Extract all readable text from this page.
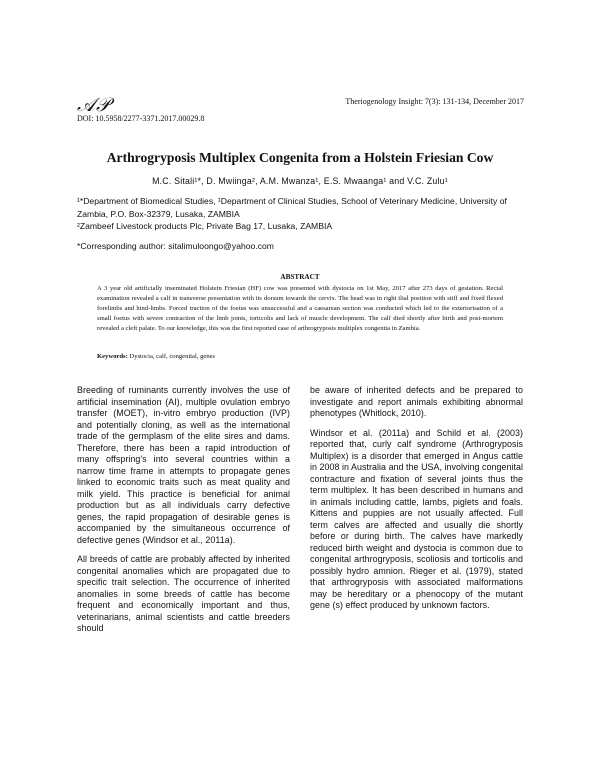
𝒜𝒫	Theriogenology Insight: 7(3): 131-134, December 2017
DOI: 10.5958/2277-3371.2017.00029.8
Arthrogryposis Multiplex Congenita from a Holstein Friesian Cow
M.C. Sitali¹*, D. Mwiinga², A.M. Mwanza¹, E.S. Mwaanga¹ and V.C. Zulu¹
¹*Department of Biomedical Studies, ¹Department of Clinical Studies, School of Veterinary Medicine, University of Zambia, P.O. Box-32379, Lusaka, ZAMBIA
²Zambeef Livestock products Plc, Private Bag 17, Lusaka, ZAMBIA
*Corresponding author: sitalimuloongo@yahoo.com
ABSTRACT
A 3 year old artificially inseminated Holstein Friesian (HF) cow was presented with dystocia on 1st May, 2017 after 273 days of gestation. Rectal examination revealed a calf in transverse presentation with its dorsum towards the cervix. The head was in right ilial position with stiff and fixed flexed forelimbs and hind-limbs. Forced traction of the foetus was unsuccessful and a caesarean section was conducted which led to the exteriorisation of a small foetus with severe contraction of the limb joints, torticolis and lack of muscle development. The calf died shortly after birth and post-mortem revealed a cleft palate. To our knowledge, this was the first reported case of arthrogryposis multiplex congenita in Zambia.
Keywords: Dystocia, calf, congenital, genes

Breeding of ruminants currently involves the use of artificial insemination (AI), multiple ovulation embryo transfer (MOET), in-vitro embryo production (IVP) and potentially cloning, as well as the international trade of the germplasm of the elite sires and dams. Therefore, there has been a rapid introduction of many offspring's into several countries within a narrow time frame in attempts to propagate genes linked to economic traits such as meat quality and milk yield. This practice is beneficial for animal production but as all individuals carry defective genes, the rapid propagation of desirable genes is accompanied by the simultaneous occurrence of defective genes (Windsor et al., 2011a).

All breeds of cattle are probably affected by inherited congenital anomalies which are propagated due to specific trait selection. The occurrence of inherited anomalies in some breeds of cattle has become frequent and economically important and thus, veterinarians, animal scientists and cattle breeders should

be aware of inherited defects and be prepared to investigate and report animals exhibiting abnormal phenotypes (Whitlock, 2010).

Windsor et al. (2011a) and Schild et al. (2003) reported that, curly calf syndrome (Arthrogryposis Multiplex) is a disorder that emerged in Angus cattle in 2008 in Australia and the USA, involving congenital contracture and fixation of several joints thus the term multiplex. It has been described in humans and in animals including cattle, lambs, piglets and foals. Kittens and puppies are not usually affected. Full term calves are affected and usually die shortly before or during birth. The calves have markedly reduced birth weight and dystocia is common due to congenital arthrogryposis, scoliosis and torticolis and possibly hydro amnion. Rieger et al. (1979), stated that arthrogryposis with associated malformations may be hereditary or a phenocopy of the mutant gene (s) effect produced by unknown factors.
